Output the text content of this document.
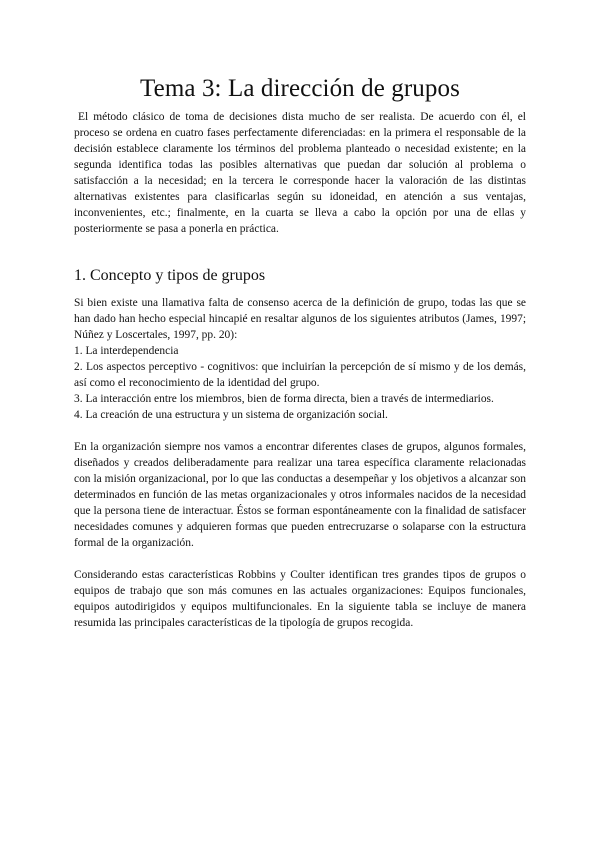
Tema 3: La dirección de grupos

El método clásico de toma de decisiones dista mucho de ser realista. De acuerdo con él, el proceso se ordena en cuatro fases perfectamente diferenciadas: en la primera el responsable de la decisión establece claramente los términos del problema planteado o necesidad existente; en la segunda identifica todas las posibles alternativas que puedan dar solución al problema o satisfacción a la necesidad; en la tercera le corresponde hacer la valoración de las distintas alternativas existentes para clasificarlas según su idoneidad, en atención a sus ventajas, inconvenientes, etc.; finalmente, en la cuarta se lleva a cabo la opción por una de ellas y posteriormente se pasa a ponerla en práctica.

1. Concepto y tipos de grupos

Si bien existe una llamativa falta de consenso acerca de la definición de grupo, todas las que se han dado han hecho especial hincapié en resaltar algunos de los siguientes atributos (James, 1997; Núñez y Loscertales, 1997, pp. 20):

1. La interdependencia
2. Los aspectos perceptivo - cognitivos: que incluirían la percepción de sí mismo y de los demás, así como el reconocimiento de la identidad del grupo.
3. La interacción entre los miembros, bien de forma directa, bien a través de intermediarios.
4. La creación de una estructura y un sistema de organización social.

En la organización siempre nos vamos a encontrar diferentes clases de grupos, algunos formales, diseñados y creados deliberadamente para realizar una tarea específica claramente relacionadas con la misión organizacional, por lo que las conductas a desempeñar y los objetivos a alcanzar son determinados en función de las metas organizacionales y otros informales nacidos de la necesidad que la persona tiene de interactuar. Éstos se forman espontáneamente con la finalidad de satisfacer necesidades comunes y adquieren formas que pueden entrecruzarse o solaparse con la estructura formal de la organización.

Considerando estas características Robbins y Coulter identifican tres grandes tipos de grupos o equipos de trabajo que son más comunes en las actuales organizaciones: Equipos funcionales, equipos autodirigidos y equipos multifuncionales. En la siguiente tabla se incluye de manera resumida las principales características de la tipología de grupos recogida.
